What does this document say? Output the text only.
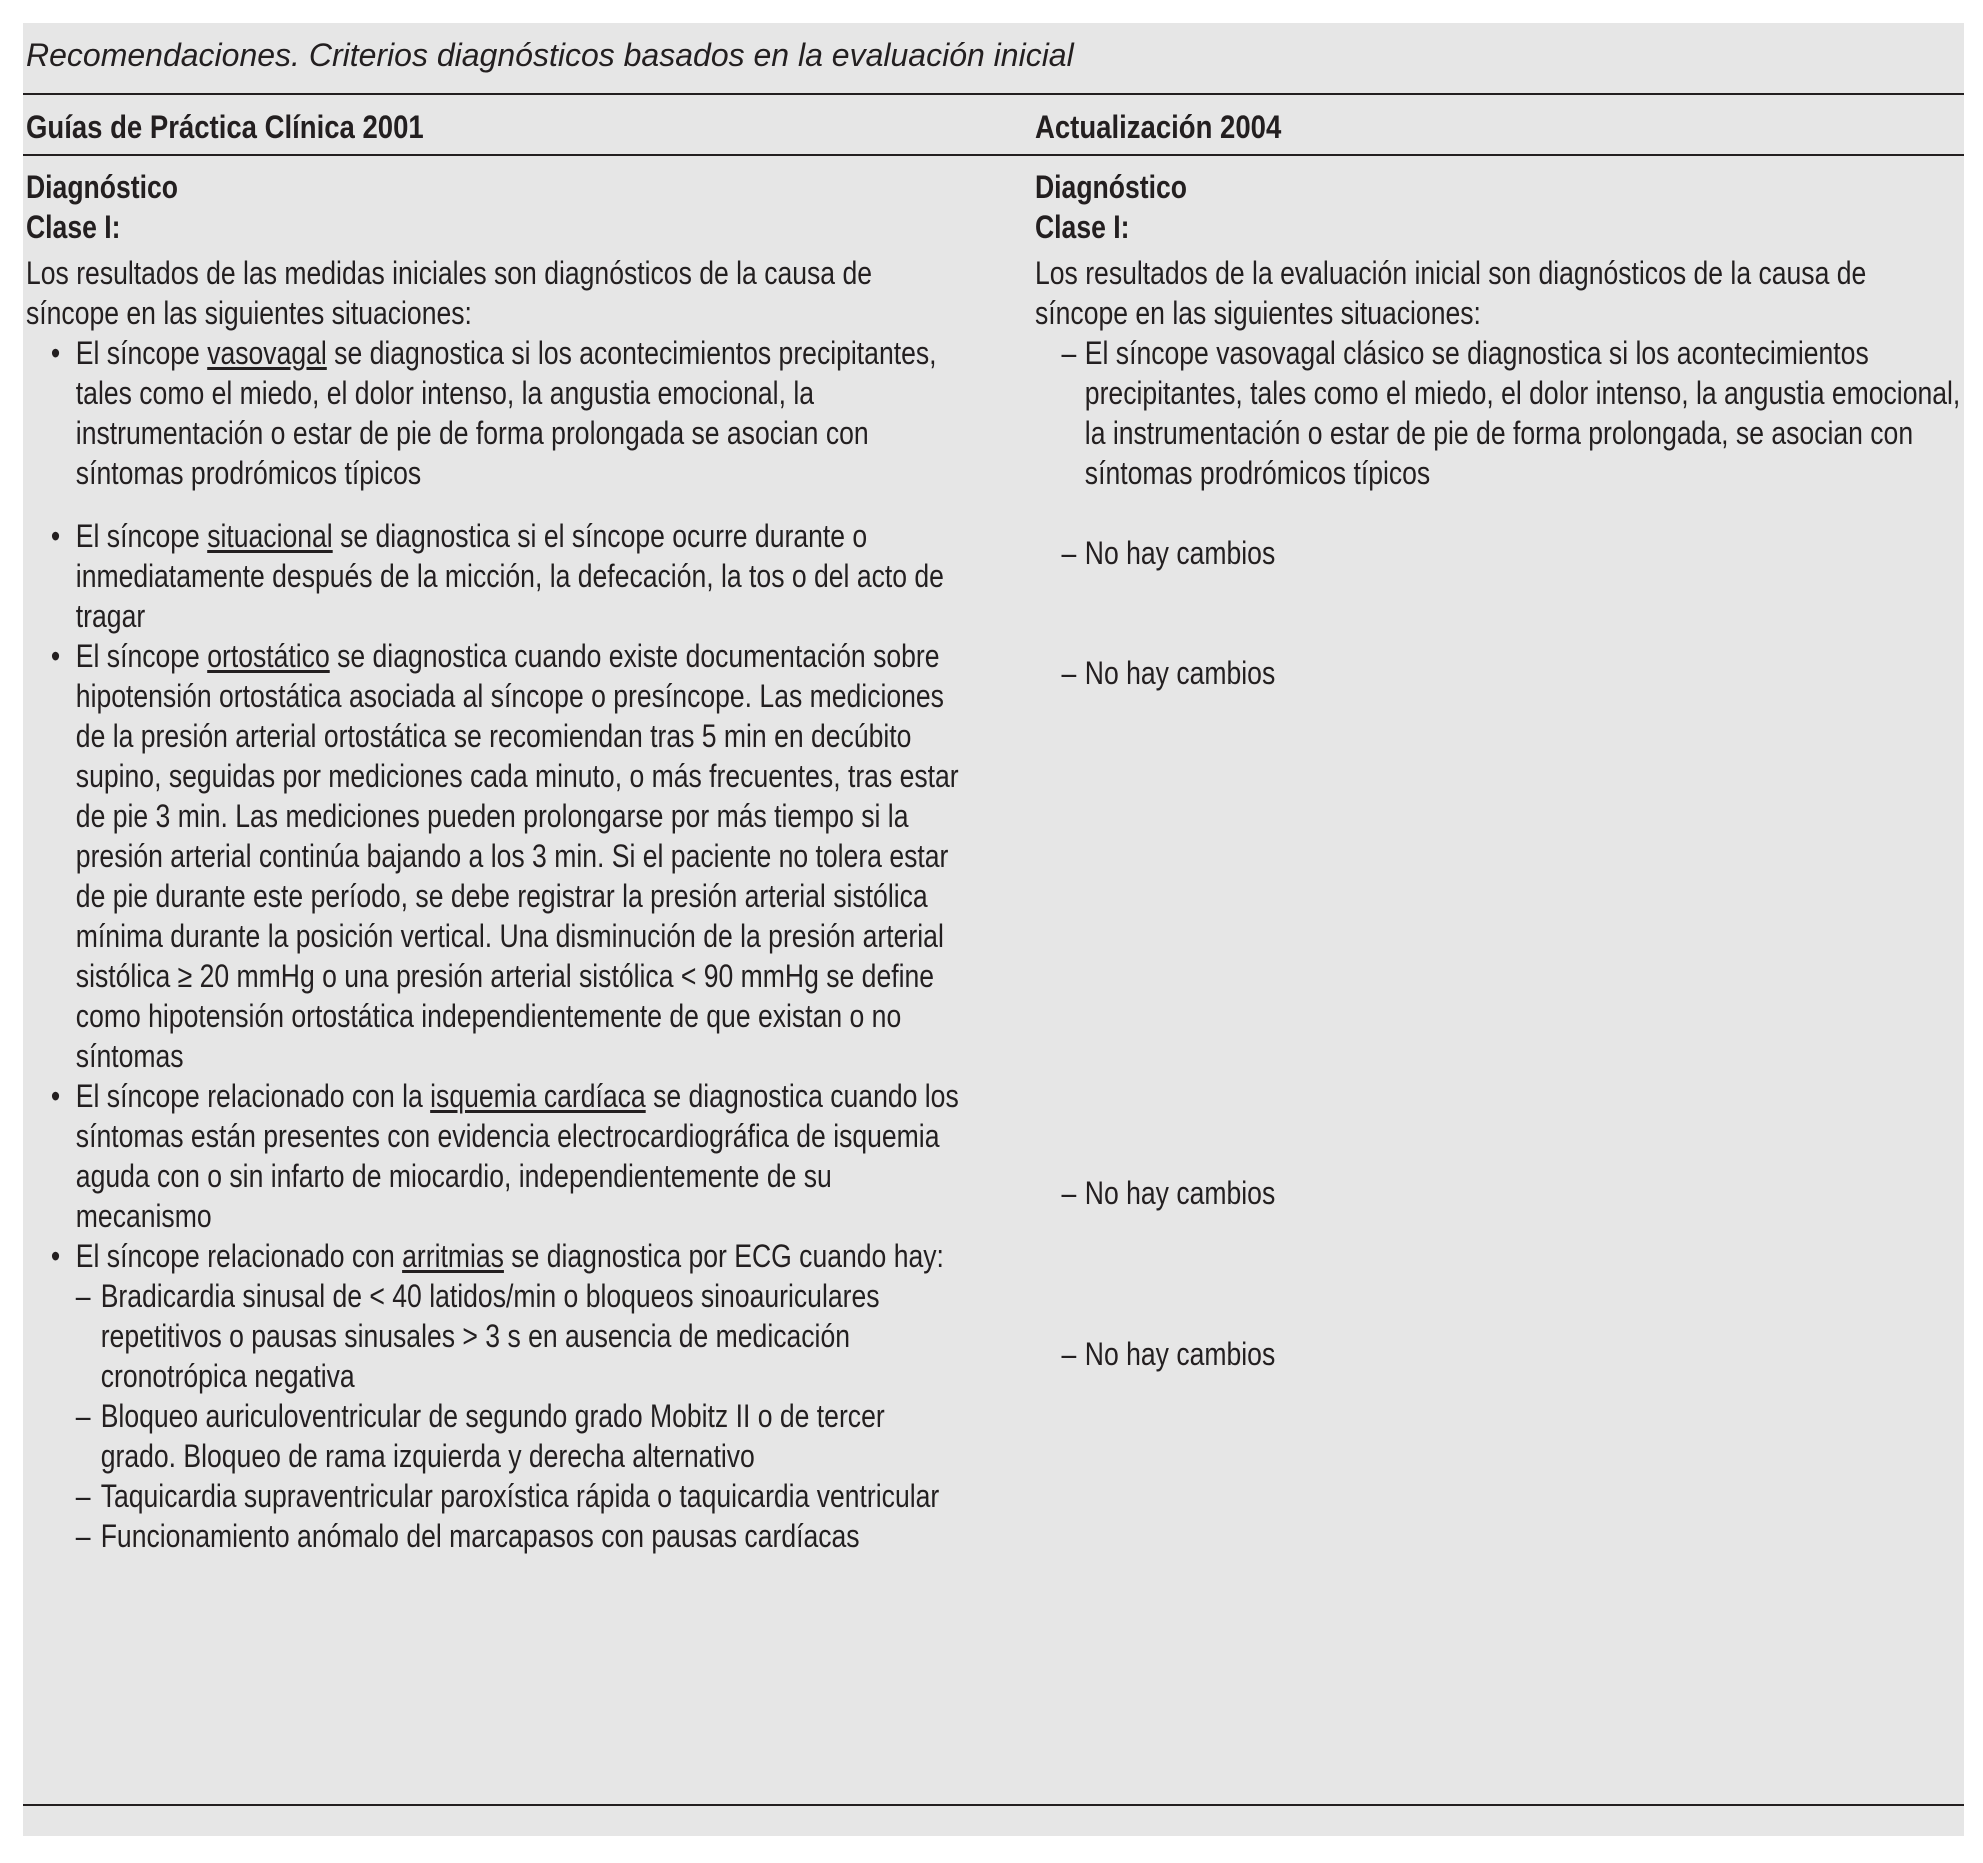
Recomendaciones. Criterios diagnósticos basados en la evaluación inicial
Guías de Práctica Clínica 2001	Actualización 2004
Diagnóstico
Clase I:
Los resultados de las medidas iniciales son diagnósticos de la causa de síncope en las siguientes situaciones:
• El síncope vasovagal se diagnostica si los acontecimientos precipitantes, tales como el miedo, el dolor intenso, la angustia emocional, la instrumentación o estar de pie de forma prolongada se asocian con síntomas prodrómicos típicos
• El síncope situacional se diagnostica si el síncope ocurre durante o inmediatamente después de la micción, la defecación, la tos o del acto de tragar
• El síncope ortostático se diagnostica cuando existe documentación sobre hipotensión ortostática asociada al síncope o presíncope. Las mediciones de la presión arterial ortostática se recomiendan tras 5 min en decúbito supino, seguidas por mediciones cada minuto, o más frecuentes, tras estar de pie 3 min. Las mediciones pueden prolongarse por más tiempo si la presión arterial continúa bajando a los 3 min. Si el paciente no tolera estar de pie durante este período, se debe registrar la presión arterial sistólica mínima durante la posición vertical. Una disminución de la presión arterial sistólica ≥ 20 mmHg o una presión arterial sistólica < 90 mmHg se define como hipotensión ortostática independientemente de que existan o no síntomas
• El síncope relacionado con la isquemia cardíaca se diagnostica cuando los síntomas están presentes con evidencia electrocardiográfica de isquemia aguda con o sin infarto de miocardio, independientemente de su mecanismo
• El síncope relacionado con arritmias se diagnostica por ECG cuando hay:
– Bradicardia sinusal de < 40 latidos/min o bloqueos sinoauriculares repetitivos o pausas sinusales > 3 s en ausencia de medicación cronotrópica negativa
– Bloqueo auriculoventricular de segundo grado Mobitz II o de tercer grado. Bloqueo de rama izquierda y derecha alternativo
– Taquicardia supraventricular paroxística rápida o taquicardia ventricular
– Funcionamiento anómalo del marcapasos con pausas cardíacas
Diagnóstico
Clase I:
Los resultados de la evaluación inicial son diagnósticos de la causa de síncope en las siguientes situaciones:
– El síncope vasovagal clásico se diagnostica si los acontecimientos precipitantes, tales como el miedo, el dolor intenso, la angustia emocional, la instrumentación o estar de pie de forma prolongada, se asocian con síntomas prodrómicos típicos
– No hay cambios
– No hay cambios
– No hay cambios
– No hay cambios
